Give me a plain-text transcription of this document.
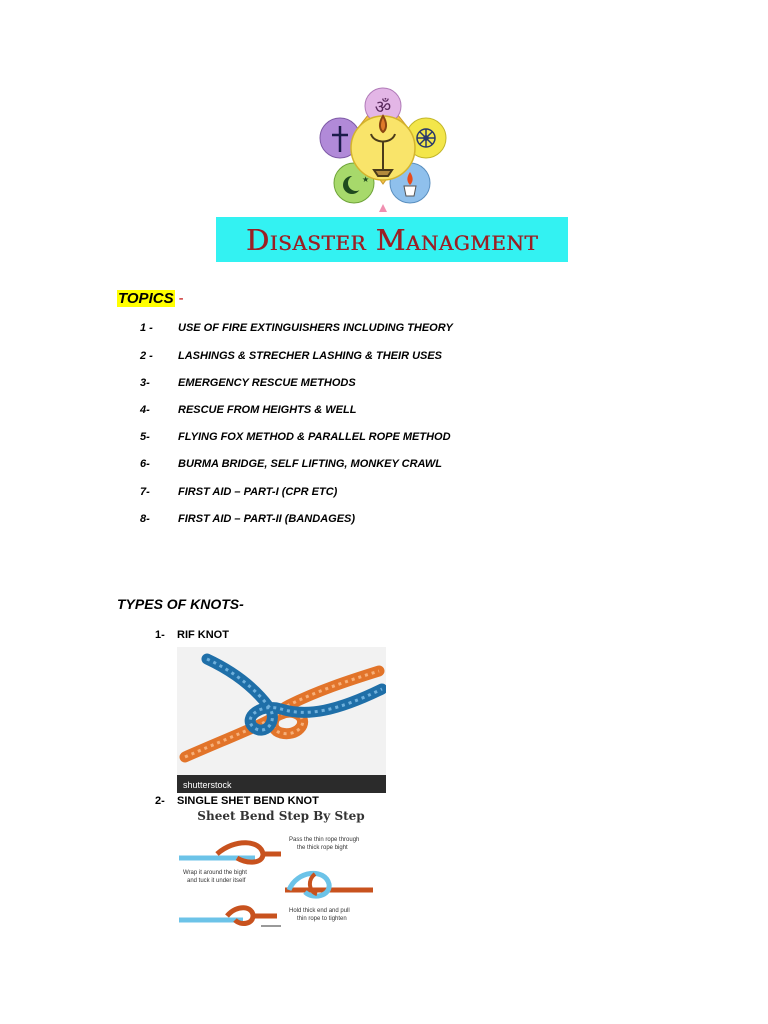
ॐ
★
Disaster Managment
TOPICS -
1 - USE OF FIRE EXTINGUISHERS INCLUDING THEORY
2 - LASHINGS & STRECHER LASHING & THEIR USES
3-	EMERGENCY RESCUE METHODS
4-	RESCUE FROM HEIGHTS & WELL
5-	FLYING FOX METHOD & PARALLEL ROPE METHOD
6-	BURMA BRIDGE, SELF LIFTING, MONKEY CRAWL
7-	FIRST AID – PART-I (CPR ETC)
8-	FIRST AID – PART-II (BANDAGES)
TYPES OF KNOTS-
1- RIF KNOT
shutterstock
2- SINGLE SHET BEND KNOT
Sheet Bend Step By Step
Pass the thin rope through
the thick rope bight
Wrap it around the bight
and tuck it under itself
Hold thick end and pull
thin rope to tighten
